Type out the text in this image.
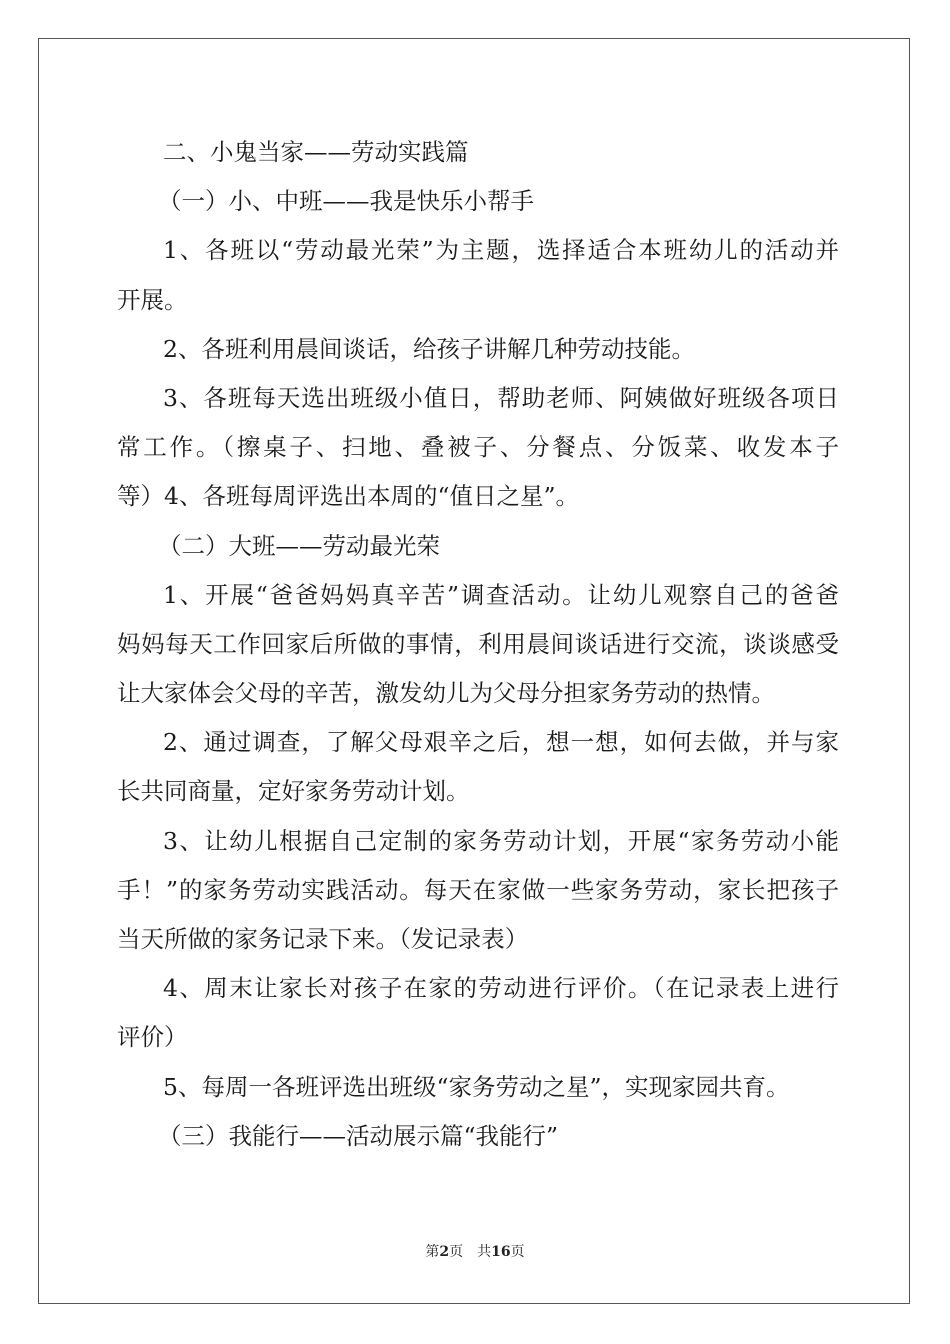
二、小鬼当家——劳动实践篇
（一）小、中班——我是快乐小帮手
1、各班以“劳动最光荣”为主题，选择适合本班幼儿的活动并
开展。
2、各班利用晨间谈话，给孩子讲解几种劳动技能。
3、各班每天选出班级小值日，帮助老师、阿姨做好班级各项日
常工作。（擦桌子、扫地、叠被子、分餐点、分饭菜、收发本子
等）4、各班每周评选出本周的“值日之星”。
（二）大班——劳动最光荣
1、开展“爸爸妈妈真辛苦”调查活动。让幼儿观察自己的爸爸
妈妈每天工作回家后所做的事情，利用晨间谈话进行交流，谈谈感受
让大家体会父母的辛苦，激发幼儿为父母分担家务劳动的热情。
2、通过调查，了解父母艰辛之后，想一想，如何去做，并与家
长共同商量，定好家务劳动计划。
3、让幼儿根据自己定制的家务劳动计划，开展“家务劳动小能
手！”的家务劳动实践活动。每天在家做一些家务劳动，家长把孩子
当天所做的家务记录下来。（发记录表）
4、周末让家长对孩子在家的劳动进行评价。（在记录表上进行
评价）
5、每周一各班评选出班级“家务劳动之星”，实现家园共育。
（三）我能行——活动展示篇“我能行”
第2页 共16页
